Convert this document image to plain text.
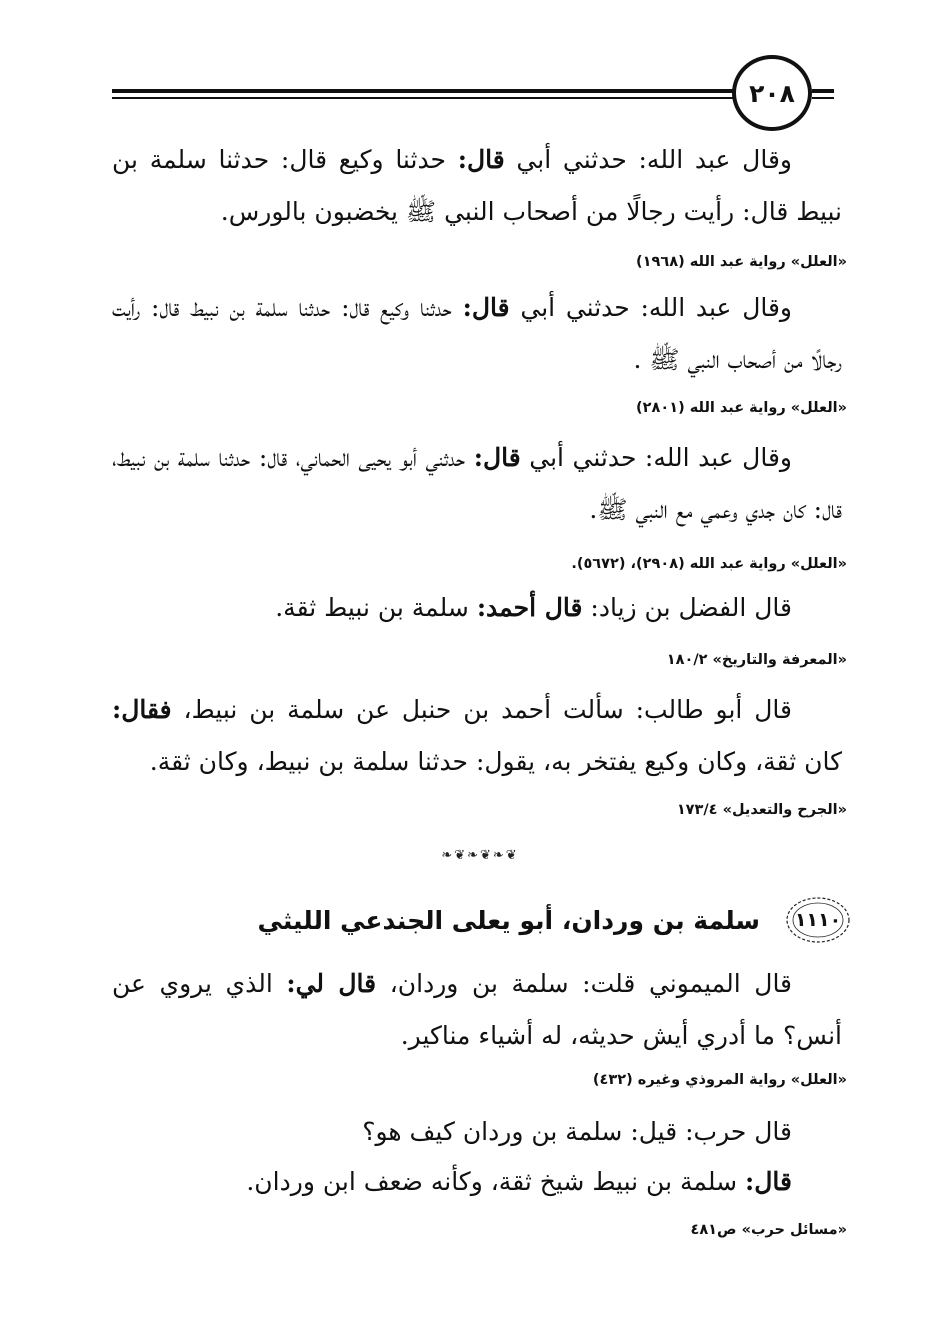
٢٠٨

وقال عبد الله: حدثني أبي قال: حدثنا وكيع قال: حدثنا سلمة بن نبيط قال: رأيت رجالًا من أصحاب النبي ﷺ يخضبون بالورس.

«العلل» رواية عبد الله (١٩٦٨)

وقال عبد الله: حدثني أبي قال: حدثنا وكيع قال: حدثنا سلمة بن نبيط قال: رأيت رجالًا من أصحاب النبي ﷺ .

«العلل» رواية عبد الله (٢٨٠١)

وقال عبد الله: حدثني أبي قال: حدثني أبو يحيى الحماني، قال: حدثنا سلمة بن نبيط، قال: كان جدي وعمي مع النبي ﷺ.

«العلل» رواية عبد الله (٢٩٠٨)، (٥٦٧٢).

قال الفضل بن زياد: قال أحمد: سلمة بن نبيط ثقة.

«المعرفة والتاريخ» ١٨٠/٢

قال أبو طالب: سألت أحمد بن حنبل عن سلمة بن نبيط، فقال: كان ثقة، وكان وكيع يفتخر به، يقول: حدثنا سلمة بن نبيط، وكان ثقة.

«الجرح والتعديل» ١٧٣/٤
❦❧❦❧❦❧
١١١٠
سلمة بن وردان، أبو يعلى الجندعي الليثي

قال الميموني قلت: سلمة بن وردان، قال لي: الذي يروي عن أنس؟ ما أدري أيش حديثه، له أشياء مناكير.

«العلل» رواية المروذي وغيره (٤٣٢)

قال حرب: قيل: سلمة بن وردان كيف هو؟

قال: سلمة بن نبيط شيخ ثقة، وكأنه ضعف ابن وردان.

«مسائل حرب» ص٤٨١
